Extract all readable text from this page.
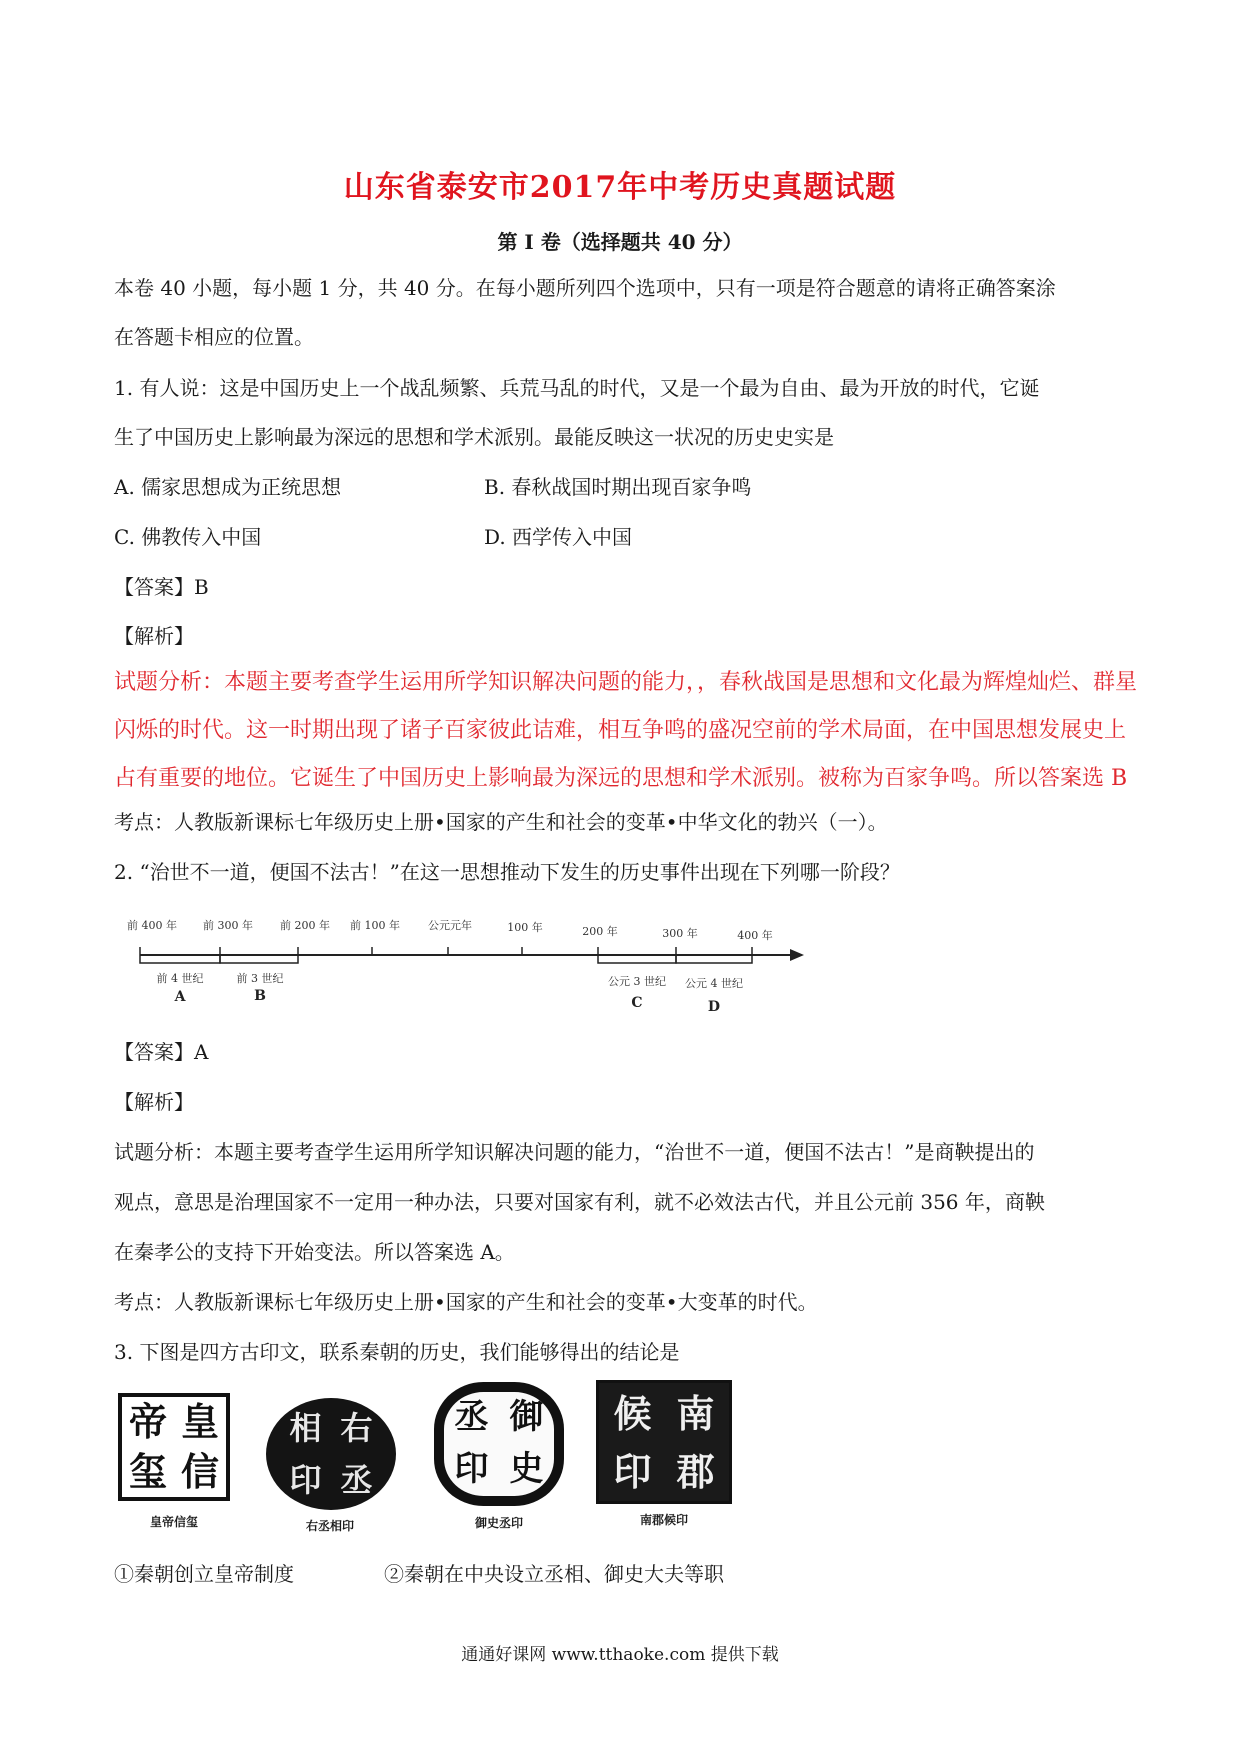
山东省泰安市2017年中考历史真题试题
第 I 卷（选择题共 40 分）
本卷 40 小题，每小题 1 分，共 40 分。在每小题所列四个选项中，只有一项是符合题意的请将正确答案涂
在答题卡相应的位置。
1. 有人说：这是中国历史上一个战乱频繁、兵荒马乱的时代，又是一个最为自由、最为开放的时代，它诞
生了中国历史上影响最为深远的思想和学术派别。最能反映这一状况的历史史实是
A. 儒家思想成为正统思想	B. 春秋战国时期出现百家争鸣
C. 佛教传入中国	D. 西学传入中国
【答案】B
【解析】
试题分析：本题主要考查学生运用所学知识解决问题的能力，，春秋战国是思想和文化最为辉煌灿烂、群星
闪烁的时代。这一时期出现了诸子百家彼此诘难，相互争鸣的盛况空前的学术局面，在中国思想发展史上
占有重要的地位。它诞生了中国历史上影响最为深远的思想和学术派别。被称为百家争鸣。所以答案选 B
考点：人教版新课标七年级历史上册•国家的产生和社会的变革•中华文化的勃兴（一）。
2. “治世不一道，便国不法古！”在这一思想推动下发生的历史事件出现在下列哪一阶段？
前 400 年 前 300 年 前 200 年 前 100 年	公元元年	100 年	200 年	300 年	400 年
前 4 世纪	前 3 世纪	公元 3 世纪 公元 4 世纪
A	B	C	D
【答案】A
【解析】
试题分析：本题主要考查学生运用所学知识解决问题的能力，“治世不一道，便国不法古！”是商鞅提出的
观点，意思是治理国家不一定用一种办法，只要对国家有利，就不必效法古代，并且公元前 356 年，商鞅
在秦孝公的支持下开始变法。所以答案选 A。
考点：人教版新课标七年级历史上册•国家的产生和社会的变革•大变革的时代。
3. 下图是四方古印文，联系秦朝的历史，我们能够得出的结论是
帝 皇
玺 信
皇帝信玺
相 右
印 丞
右丞相印
丞 御
印 史
御史丞印
候 南
印 郡
南郡候印
①秦朝创立皇帝制度	②秦朝在中央设立丞相、御史大夫等职
通通好课网 www.tthaoke.com 提供下载
